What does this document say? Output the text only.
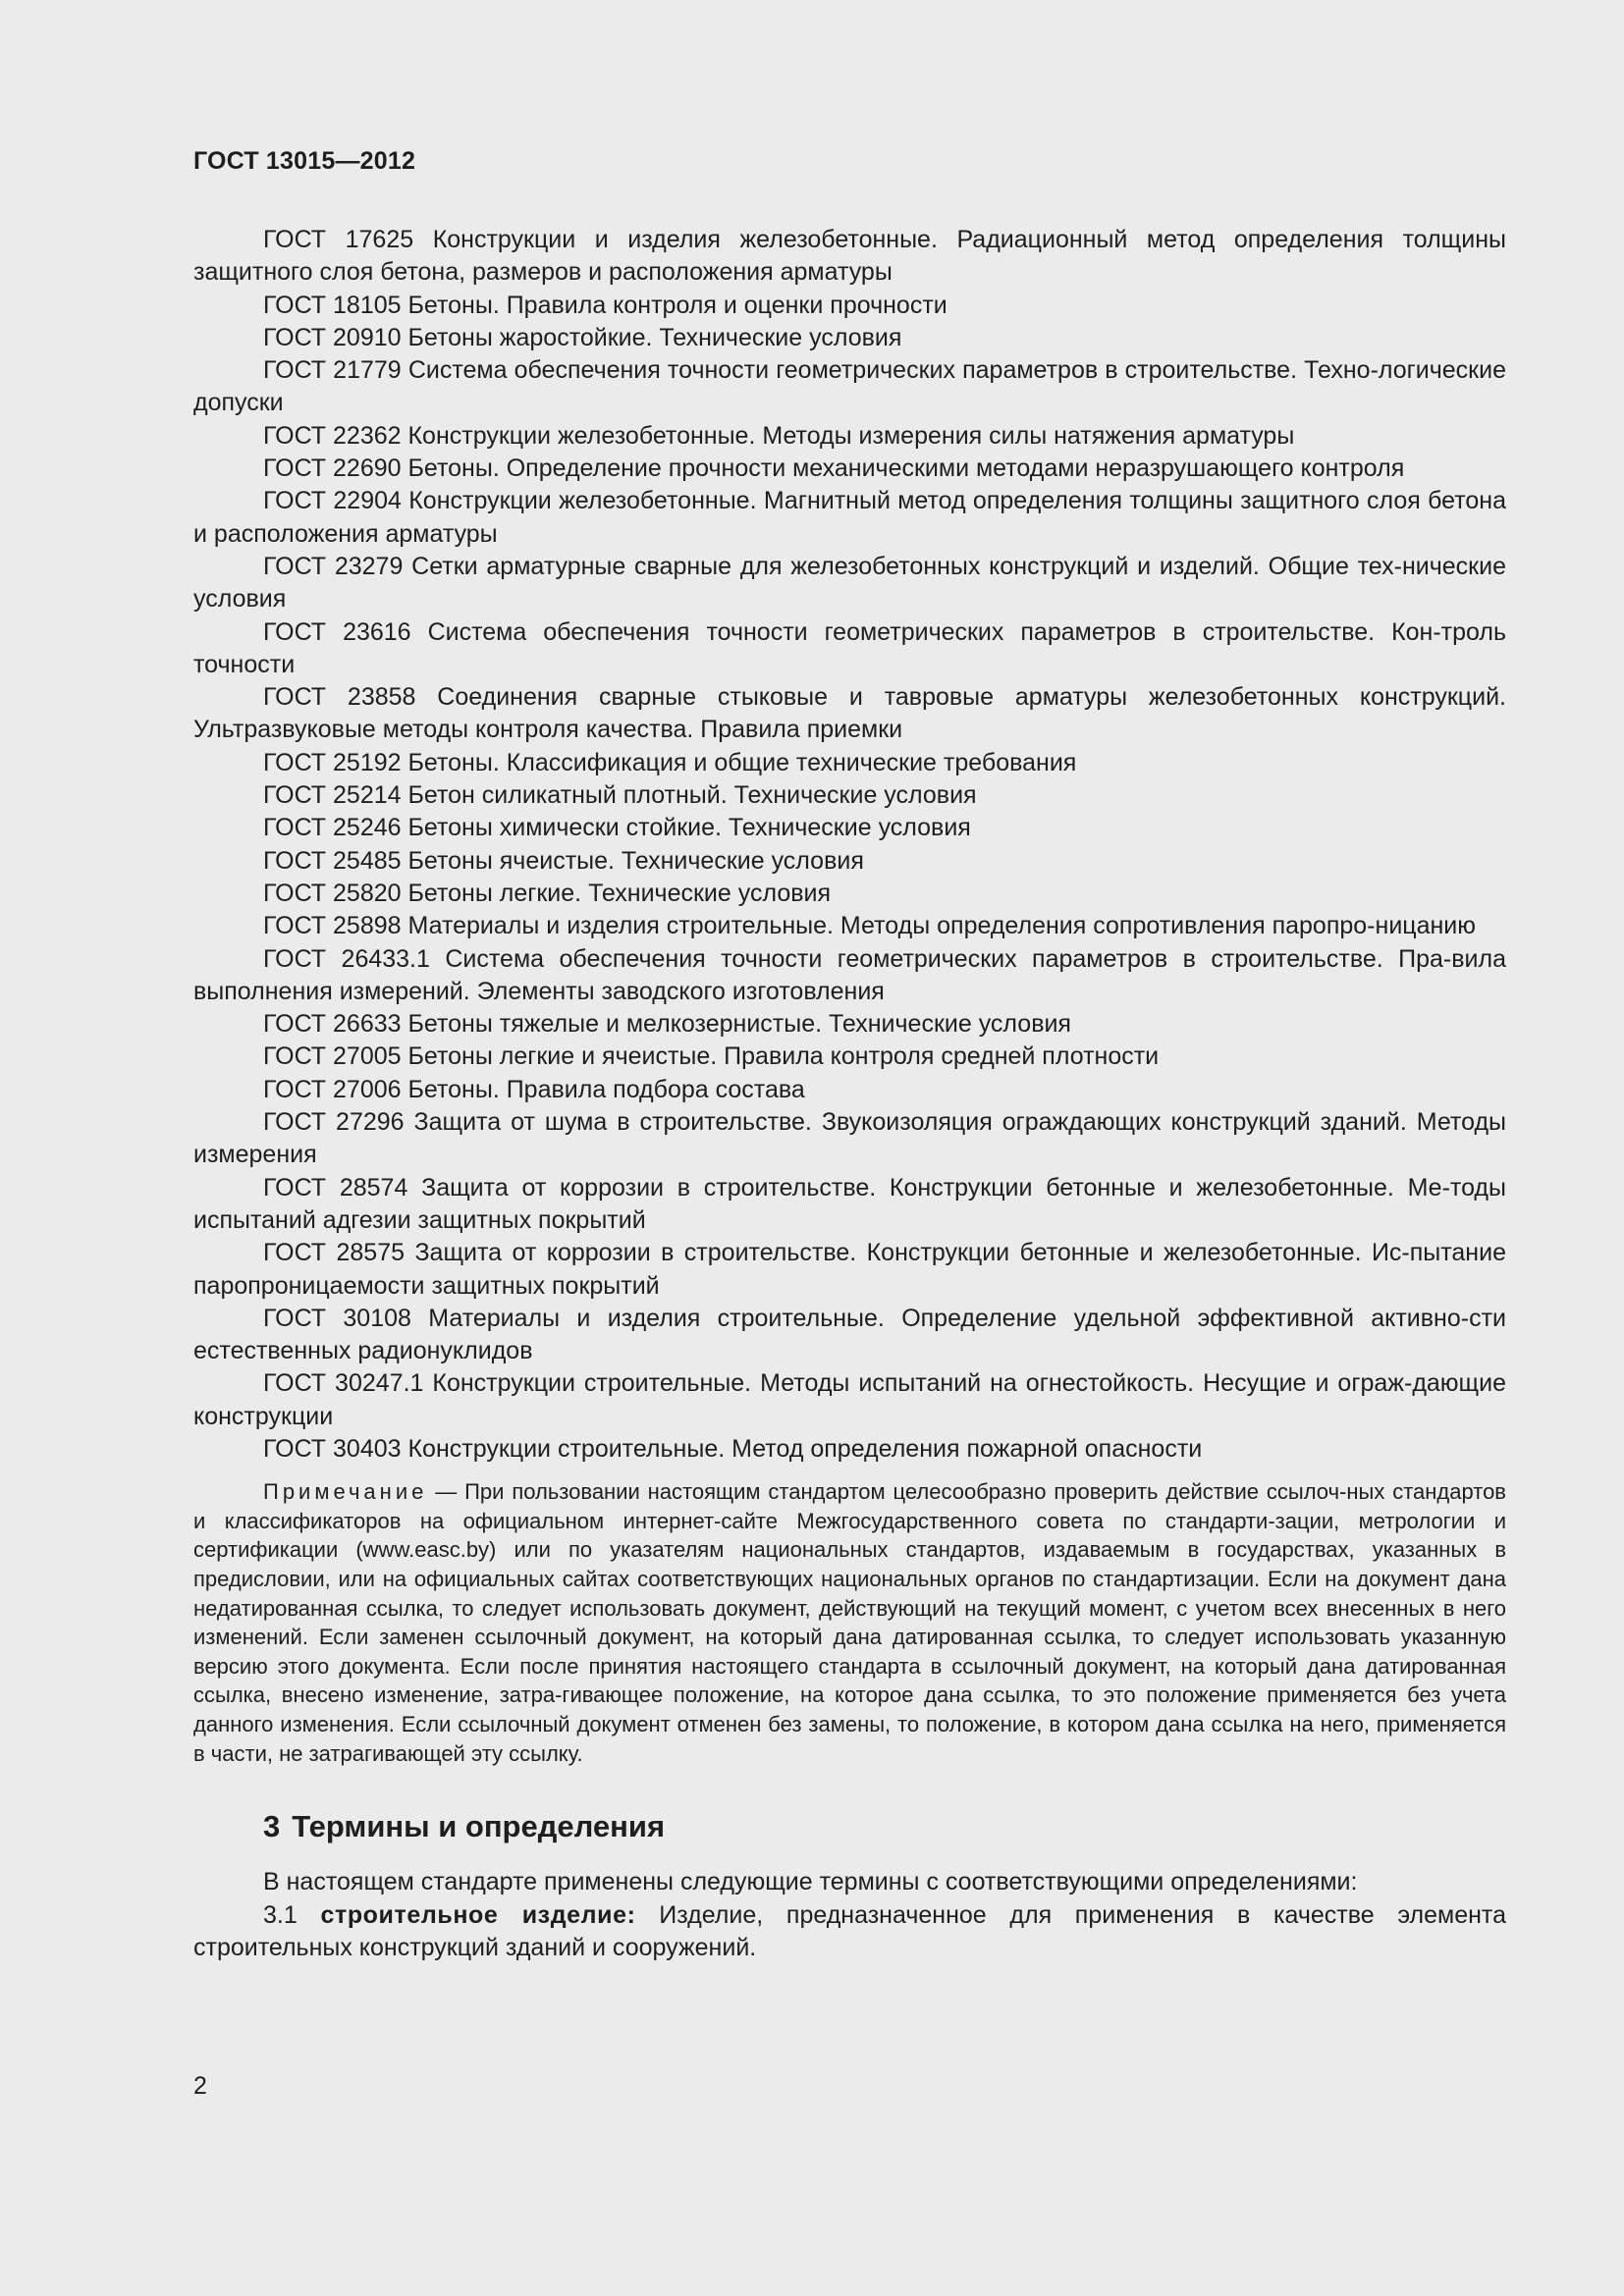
ГОСТ 13015—2012

ГОСТ 17625 Конструкции и изделия железобетонные. Радиационный метод определения толщины защитного слоя бетона, размеров и расположения арматуры

ГОСТ 18105 Бетоны. Правила контроля и оценки прочности

ГОСТ 20910 Бетоны жаростойкие. Технические условия

ГОСТ 21779 Система обеспечения точности геометрических параметров в строительстве. Техно-логические допуски

ГОСТ 22362 Конструкции железобетонные. Методы измерения силы натяжения арматуры

ГОСТ 22690 Бетоны. Определение прочности механическими методами неразрушающего контроля

ГОСТ 22904 Конструкции железобетонные. Магнитный метод определения толщины защитного слоя бетона и расположения арматуры

ГОСТ 23279 Сетки арматурные сварные для железобетонных конструкций и изделий. Общие тех-нические условия

ГОСТ 23616 Система обеспечения точности геометрических параметров в строительстве. Кон-троль точности

ГОСТ 23858 Соединения сварные стыковые и тавровые арматуры железобетонных конструкций. Ультразвуковые методы контроля качества. Правила приемки

ГОСТ 25192 Бетоны. Классификация и общие технические требования

ГОСТ 25214 Бетон силикатный плотный. Технические условия

ГОСТ 25246 Бетоны химически стойкие. Технические условия

ГОСТ 25485 Бетоны ячеистые. Технические условия

ГОСТ 25820 Бетоны легкие. Технические условия

ГОСТ 25898 Материалы и изделия строительные. Методы определения сопротивления паропро-ницанию

ГОСТ 26433.1 Система обеспечения точности геометрических параметров в строительстве. Пра-вила выполнения измерений. Элементы заводского изготовления

ГОСТ 26633 Бетоны тяжелые и мелкозернистые. Технические условия

ГОСТ 27005 Бетоны легкие и ячеистые. Правила контроля средней плотности

ГОСТ 27006 Бетоны. Правила подбора состава

ГОСТ 27296 Защита от шума в строительстве. Звукоизоляция ограждающих конструкций зданий. Методы измерения

ГОСТ 28574 Защита от коррозии в строительстве. Конструкции бетонные и железобетонные. Ме-тоды испытаний адгезии защитных покрытий

ГОСТ 28575 Защита от коррозии в строительстве. Конструкции бетонные и железобетонные. Ис-пытание паропроницаемости защитных покрытий

ГОСТ 30108 Материалы и изделия строительные. Определение удельной эффективной активно-сти естественных радионуклидов

ГОСТ 30247.1 Конструкции строительные. Методы испытаний на огнестойкость. Несущие и ограж-дающие конструкции

ГОСТ 30403 Конструкции строительные. Метод определения пожарной опасности

Примечание — При пользовании настоящим стандартом целесообразно проверить действие ссылоч-ных стандартов и классификаторов на официальном интернет-сайте Межгосударственного совета по стандарти-зации, метрологии и сертификации (www.easc.by) или по указателям национальных стандартов, издаваемым в государствах, указанных в предисловии, или на официальных сайтах соответствующих национальных органов по стандартизации. Если на документ дана недатированная ссылка, то следует использовать документ, действующий на текущий момент, с учетом всех внесенных в него изменений. Если заменен ссылочный документ, на который дана датированная ссылка, то следует использовать указанную версию этого документа. Если после принятия настоящего стандарта в ссылочный документ, на который дана датированная ссылка, внесено изменение, затра-гивающее положение, на которое дана ссылка, то это положение применяется без учета данного изменения. Если ссылочный документ отменен без замены, то положение, в котором дана ссылка на него, применяется в части, не затрагивающей эту ссылку.
3 Термины и определения

В настоящем стандарте применены следующие термины с соответствующими определениями:

3.1 строительное изделие: Изделие, предназначенное для применения в качестве элемента строительных конструкций зданий и сооружений.

2
